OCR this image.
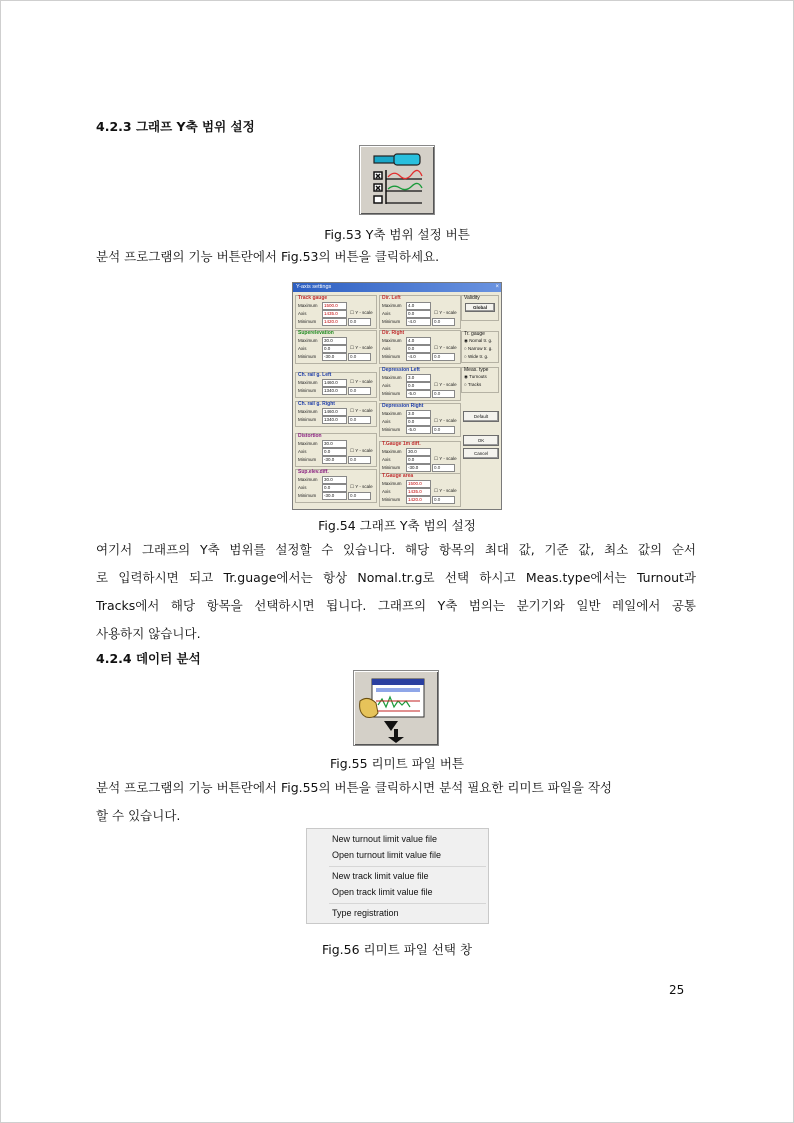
4.2.3 그래프 Y축 범위 설정
Fig.53 Y축 범위 설정 버튼
분석 프로그램의 기능 버튼란에서 Fig.53의 버튼을 클릭하세요.
Y-axis settings	×
Track gauge
Maximum	1500.0
Axis	1435.0	☐ Y - scale
Minimum	1420.0	0.0
Superelevation
Maximum	30.0
Axis	0.0	☐ Y - scale
Minimum	-30.0	0.0
Ch. rail g. Left
Maximum	1460.0	☐ Y - scale
Minimum	1340.0	0.0
Ch. rail g. Right
Maximum	1460.0	☐ Y - scale
Minimum	1340.0	0.0
Distortion
Maximum	30.0
Axis	0.0	☐ Y - scale
Minimum	-30.0	0.0
Sup.elev.diff.
Maximum	30.0
Axis	0.0	☐ Y - scale
Minimum	-30.0	0.0
Dir. Left
Maximum	4.0
Axis	0.0	☐ Y - scale
Minimum	-4.0	0.0
Dir. Right
Maximum	4.0
Axis	0.0	☐ Y - scale
Minimum	-4.0	0.0
Depression Left
Maximum	3.0
Axis	0.0	☐ Y - scale
Minimum	-5.0	0.0
Depression Right
Maximum	3.0
Axis	0.0	☐ Y - scale
Minimum	-5.0	0.0
T.Gauge 1m diff.
Maximum	30.0
Axis	0.0	☐ Y - scale
Minimum	-30.0	0.0
T.Gauge area
Maximum	1500.0
Axis	1435.0	☐ Y - scale
Minimum	1420.0	0.0
Validity
Global
Tr. gauge
◉ Nomal tr. g.
○ Narrow tr. g.
○ Wide tr. g.
Meas. type
◉ Turnouts
○ Tracks
Default
OK
Cancel
Fig.54 그래프 Y축 범의 설정
여기서 그래프의 Y축 범위를 설정할 수 있습니다. 해당 항목의 최대 값, 기준 값, 최소 값의 순서
로 입력하시면 되고 Tr.guage에서는 항상 Nomal.tr.g로 선택 하시고 Meas.type에서는 Turnout과
Tracks에서 해당 항목을 선택하시면 됩니다. 그래프의 Y축 범의는 분기기와 일반 레일에서 공통
사용하지 않습니다.
4.2.4 데이터 분석
Fig.55 리미트 파일 버튼
분석 프로그램의 기능 버튼란에서 Fig.55의 버튼을 클릭하시면 분석 필요한 리미트 파일을 작성
할 수 있습니다.
New turnout limit value file
Open turnout limit value file
New track limit value file
Open track limit value file
Type registration
Fig.56 리미트 파일 선택 창
25
